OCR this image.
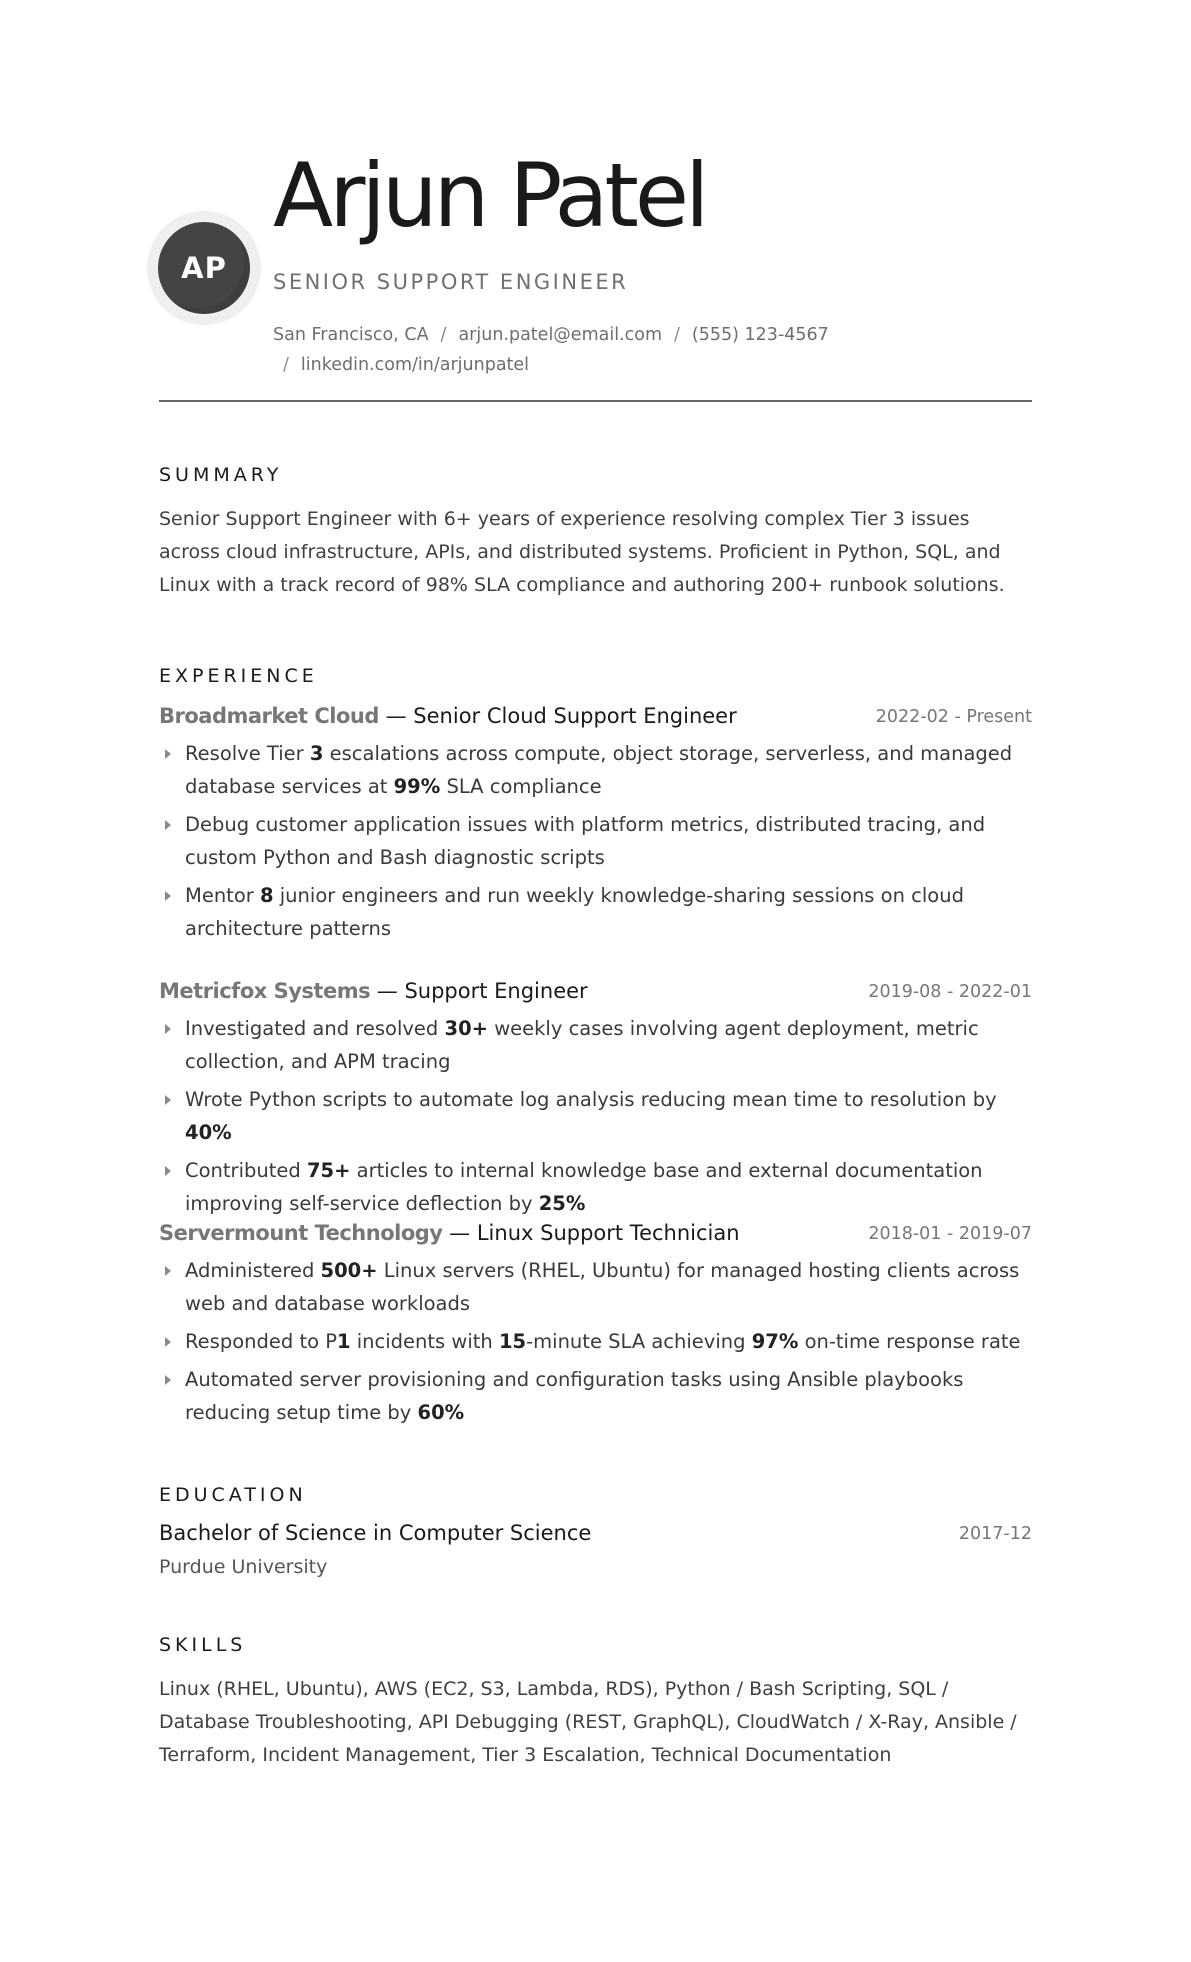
AP
Arjun Patel
SENIOR SUPPORT ENGINEER
San Francisco, CA / arjun.patel@email.com / (555) 123-4567
/ linkedin.com/in/arjunpatel
SUMMARY
Senior Support Engineer with 6+ years of experience resolving complex Tier 3 issues across cloud infrastructure, APIs, and distributed systems. Proficient in Python, SQL, and Linux with a track record of 98% SLA compliance and authoring 200+ runbook solutions.
EXPERIENCE
Broadmarket Cloud — Senior Cloud Support Engineer	2022-02 - Present
Resolve Tier 3 escalations across compute, object storage, serverless, and managed database services at 99% SLA compliance
Debug customer application issues with platform metrics, distributed tracing, and custom Python and Bash diagnostic scripts
Mentor 8 junior engineers and run weekly knowledge-sharing sessions on cloud architecture patterns
Metricfox Systems — Support Engineer	2019-08 - 2022-01
Investigated and resolved 30+ weekly cases involving agent deployment, metric collection, and APM tracing
Wrote Python scripts to automate log analysis reducing mean time to resolution by 40%
Contributed 75+ articles to internal knowledge base and external documentation improving self-service deflection by 25%
Servermount Technology — Linux Support Technician	2018-01 - 2019-07
Administered 500+ Linux servers (RHEL, Ubuntu) for managed hosting clients across web and database workloads
Responded to P1 incidents with 15-minute SLA achieving 97% on-time response rate
Automated server provisioning and configuration tasks using Ansible playbooks reducing setup time by 60%
EDUCATION
Bachelor of Science in Computer Science	2017-12
Purdue University
SKILLS
Linux (RHEL, Ubuntu), AWS (EC2, S3, Lambda, RDS), Python / Bash Scripting, SQL / Database Troubleshooting, API Debugging (REST, GraphQL), CloudWatch / X-Ray, Ansible / Terraform, Incident Management, Tier 3 Escalation, Technical Documentation
